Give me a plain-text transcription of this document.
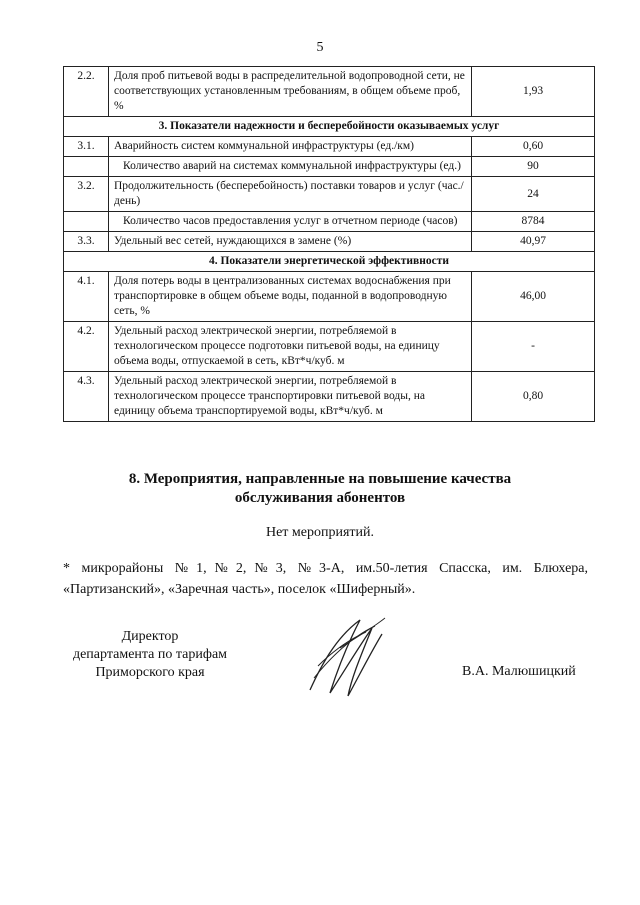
5
2.2.	Доля проб питьевой воды в распределительной водопроводной сети, не соответствующих установленным требованиям, в общем объеме проб, %	1,93
3. Показатели надежности и бесперебойности оказываемых услуг		
3.1.	Аварийность систем коммунальной инфраструктуры (ед./км)	0,60
	Количество аварий на системах коммунальной инфраструктуры (ед.)	90
3.2.	Продолжительность (бесперебойность) поставки товаров и услуг (час./день)	24
	Количество часов предоставления услуг в отчетном периоде (часов)	8784
3.3.	Удельный вес сетей, нуждающихся в замене (%)	40,97
4. Показатели энергетической эффективности		
4.1.	Доля потерь воды в централизованных системах водоснабжения при транспортировке в общем объеме воды, поданной в водопроводную сеть, %	46,00
4.2.	Удельный расход электрической энергии, потребляемой в технологическом процессе подготовки питьевой воды, на единицу объема воды, отпускаемой в сеть, кВт*ч/куб. м	-
4.3.	Удельный расход электрической энергии, потребляемой в технологическом процессе транспортировки питьевой воды, на единицу объема транспортируемой воды, кВт*ч/куб. м	0,80
8. Мероприятия, направленные на повышение качества
обслуживания абонентов
Нет мероприятий.
* микрорайоны №1,№2,№3, №3-А, им.50-летия Спасска, им. Блюхера,
«Партизанский», «Заречная часть», поселок «Шиферный».
Директор
департамента по тарифам
Приморского края	В.А. Малюшицкий
